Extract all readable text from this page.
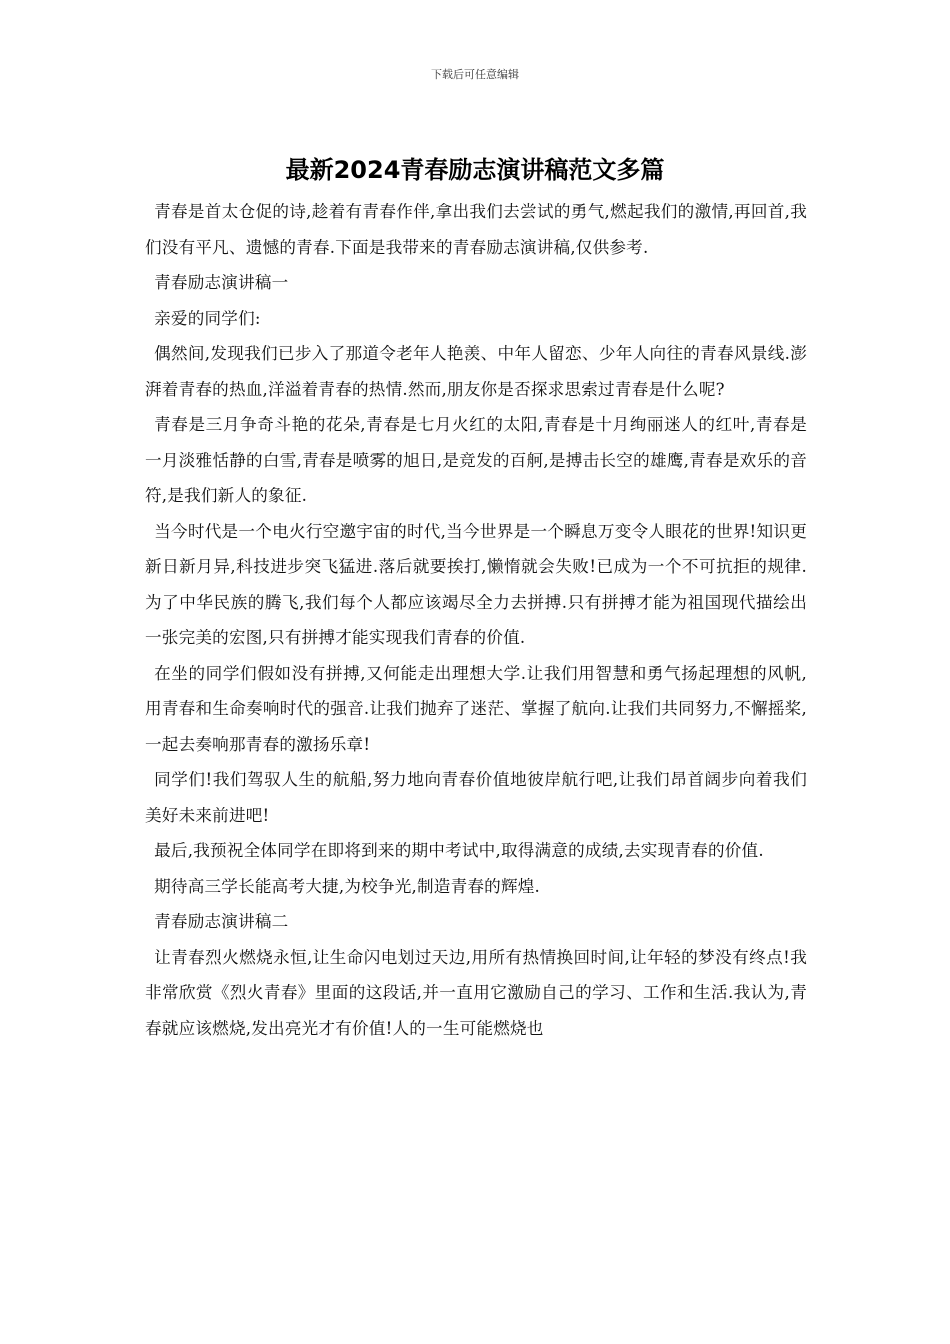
下载后可任意编辑
最新2024青春励志演讲稿范文多篇

青春是首太仓促的诗,趁着有青春作伴,拿出我们去尝试的勇气,燃起我们的激情,再回首,我们没有平凡、遗憾的青春.下面是我带来的青春励志演讲稿,仅供参考.

青春励志演讲稿一

亲爱的同学们:

偶然间,发现我们已步入了那道令老年人艳羡、中年人留恋、少年人向往的青春风景线.澎湃着青春的热血,洋溢着青春的热情.然而,朋友你是否探求思索过青春是什么呢?

青春是三月争奇斗艳的花朵,青春是七月火红的太阳,青春是十月绚丽迷人的红叶,青春是一月淡雅恬静的白雪,青春是喷雾的旭日,是竞发的百舸,是搏击长空的雄鹰,青春是欢乐的音符,是我们新人的象征.

当今时代是一个电火行空邀宇宙的时代,当今世界是一个瞬息万变令人眼花的世界!知识更新日新月异,科技进步突飞猛进.落后就要挨打,懒惰就会失败!已成为一个不可抗拒的规律.为了中华民族的腾飞,我们每个人都应该竭尽全力去拼搏.只有拼搏才能为祖国现代描绘出一张完美的宏图,只有拼搏才能实现我们青春的价值.

在坐的同学们假如没有拼搏,又何能走出理想大学.让我们用智慧和勇气扬起理想的风帆,用青春和生命奏响时代的强音.让我们抛弃了迷茫、掌握了航向.让我们共同努力,不懈摇桨,一起去奏响那青春的激扬乐章!

同学们!我们驾驭人生的航船,努力地向青春价值地彼岸航行吧,让我们昂首阔步向着我们美好未来前进吧!

最后,我预祝全体同学在即将到来的期中考试中,取得满意的成绩,去实现青春的价值.

期待高三学长能高考大捷,为校争光,制造青春的辉煌.

青春励志演讲稿二

让青春烈火燃烧永恒,让生命闪电划过天边,用所有热情换回时间,让年轻的梦没有终点!我非常欣赏《烈火青春》里面的这段话,并一直用它激励自己的学习、工作和生活.我认为,青春就应该燃烧,发出亮光才有价值!人的一生可能燃烧也
